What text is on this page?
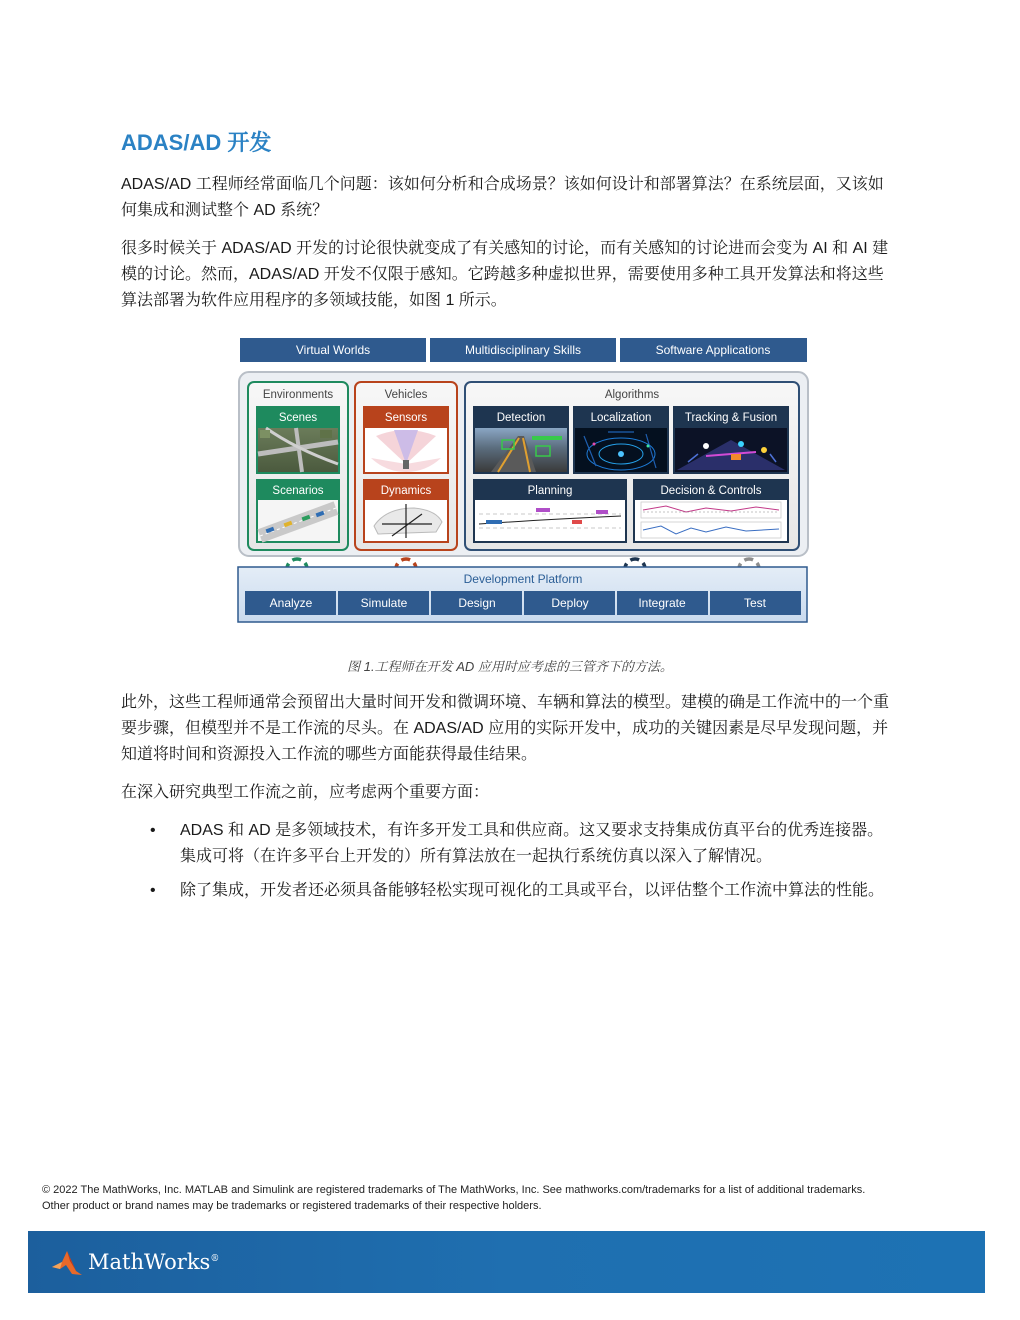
ADAS/AD 开发

ADAS/AD 工程师经常面临几个问题：该如何分析和合成场景？该如何设计和部署算法？在系统层面，又该如何集成和测试整个 AD 系统？

很多时候关于 ADAS/AD 开发的讨论很快就变成了有关感知的讨论，而有关感知的讨论进而会变为 AI 和 AI 建模的讨论。然而，ADAS/AD 开发不仅限于感知。它跨越多种虚拟世界，需要使用多种工具开发算法和将这些算法部署为软件应用程序的多领域技能，如图 1 所示。

Virtual Worlds	Multidisciplinary Skills	Software Applications
Environments
Scenes
Scenarios
Vehicles
Sensors
Dynamics
Algorithms
Detection	Localization	Tracking & Fusion
Planning	Decision & Controls
Development Platform
Analyze	Simulate	Design	Deploy	Integrate	Test
图 1.工程师在开发 AD 应用时应考虑的三管齐下的方法。

此外，这些工程师通常会预留出大量时间开发和微调环境、车辆和算法的模型。建模的确是工作流中的一个重要步骤，但模型并不是工作流的尽头。在 ADAS/AD 应用的实际开发中，成功的关键因素是尽早发现问题，并知道将时间和资源投入工作流的哪些方面能获得最佳结果。

在深入研究典型工作流之前，应考虑两个重要方面：

• ADAS 和 AD 是多领域技术，有许多开发工具和供应商。这又要求支持集成仿真平台的优秀连接器。集成可将（在许多平台上开发的）所有算法放在一起执行系统仿真以深入了解情况。
• 除了集成，开发者还必须具备能够轻松实现可视化的工具或平台，以评估整个工作流中算法的性能。
© 2022 The MathWorks, Inc. MATLAB and Simulink are registered trademarks of The MathWorks, Inc. See mathworks.com/trademarks for a list of additional trademarks.
Other product or brand names may be trademarks or registered trademarks of their respective holders.
MathWorks®
